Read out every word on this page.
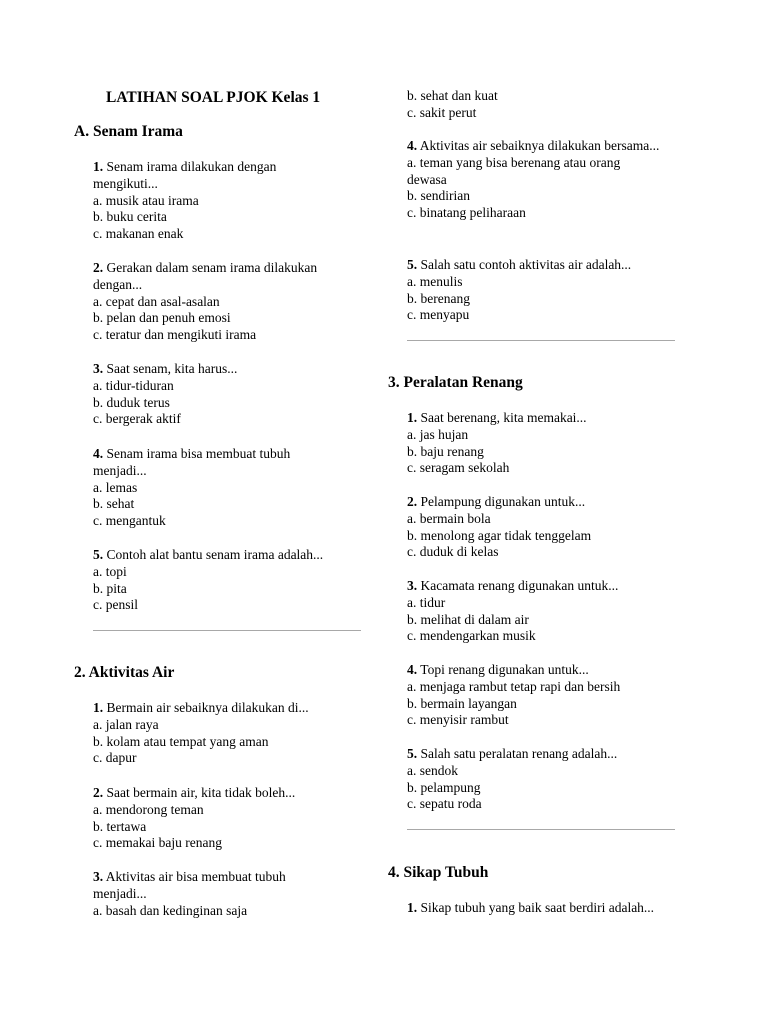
LATIHAN SOAL PJOK Kelas 1
A. Senam Irama
1. Senam irama dilakukan dengan mengikuti...
a. musik atau irama
b. buku cerita
c. makanan enak
2. Gerakan dalam senam irama dilakukan dengan...
a. cepat dan asal-asalan
b. pelan dan penuh emosi
c. teratur dan mengikuti irama
3. Saat senam, kita harus...
a. tidur-tiduran
b. duduk terus
c. bergerak aktif
4. Senam irama bisa membuat tubuh menjadi...
a. lemas
b. sehat
c. mengantuk
5. Contoh alat bantu senam irama adalah...
a. topi
b. pita
c. pensil
2. Aktivitas Air
1. Bermain air sebaiknya dilakukan di...
a. jalan raya
b. kolam atau tempat yang aman
c. dapur
2. Saat bermain air, kita tidak boleh...
a. mendorong teman
b. tertawa
c. memakai baju renang
3. Aktivitas air bisa membuat tubuh menjadi...
a. basah dan kedinginan saja
b. sehat dan kuat
c. sakit perut
4. Aktivitas air sebaiknya dilakukan bersama...
a. teman yang bisa berenang atau orang dewasa
b. sendirian
c. binatang peliharaan
5. Salah satu contoh aktivitas air adalah...
a. menulis
b. berenang
c. menyapu
3. Peralatan Renang
1. Saat berenang, kita memakai...
a. jas hujan
b. baju renang
c. seragam sekolah
2. Pelampung digunakan untuk...
a. bermain bola
b. menolong agar tidak tenggelam
c. duduk di kelas
3. Kacamata renang digunakan untuk...
a. tidur
b. melihat di dalam air
c. mendengarkan musik
4. Topi renang digunakan untuk...
a. menjaga rambut tetap rapi dan bersih
b. bermain layangan
c. menyisir rambut
5. Salah satu peralatan renang adalah...
a. sendok
b. pelampung
c. sepatu roda
4. Sikap Tubuh
1. Sikap tubuh yang baik saat berdiri adalah...
